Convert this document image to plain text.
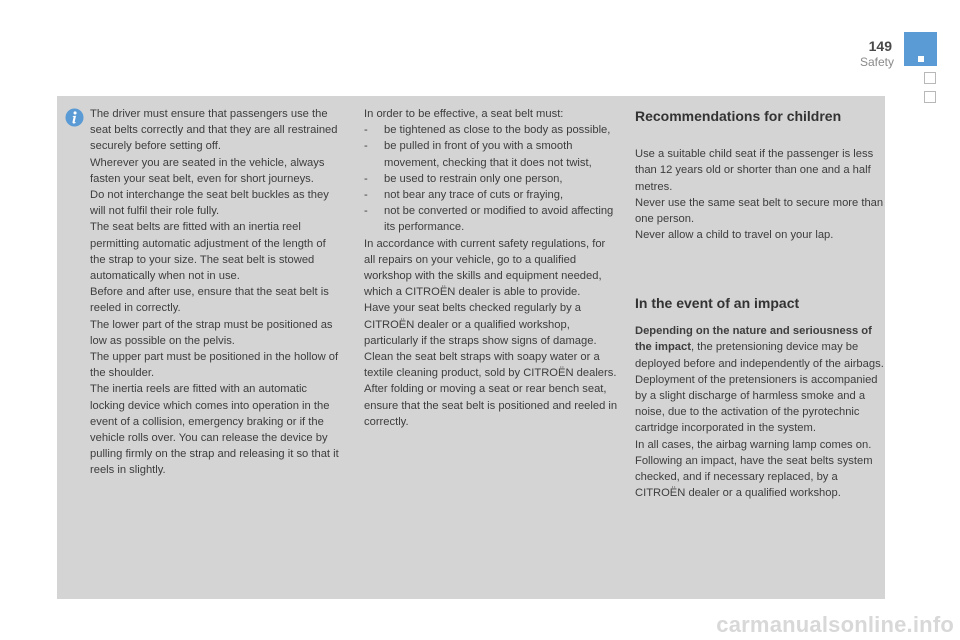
149
Safety

The driver must ensure that passengers use the seat belts correctly and that they are all restrained securely before setting off.

Wherever you are seated in the vehicle, always fasten your seat belt, even for short journeys.

Do not interchange the seat belt buckles as they will not fulfil their role fully.

The seat belts are fitted with an inertia reel permitting automatic adjustment of the length of the strap to your size. The seat belt is stowed automatically when not in use.

Before and after use, ensure that the seat belt is reeled in correctly.

The lower part of the strap must be positioned as low as possible on the pelvis.

The upper part must be positioned in the hollow of the shoulder.

The inertia reels are fitted with an automatic locking device which comes into operation in the event of a collision, emergency braking or if the vehicle rolls over. You can release the device by pulling firmly on the strap and releasing it so that it reels in slightly.

In order to be effective, a seat belt must:

- be tightened as close to the body as possible,
- be pulled in front of you with a smooth movement, checking that it does not twist,
- be used to restrain only one person,
- not bear any trace of cuts or fraying,
- not be converted or modified to avoid affecting its performance.

In accordance with current safety regulations, for all repairs on your vehicle, go to a qualified workshop with the skills and equipment needed, which a CITROËN dealer is able to provide.

Have your seat belts checked regularly by a CITROËN dealer or a qualified workshop, particularly if the straps show signs of damage.

Clean the seat belt straps with soapy water or a textile cleaning product, sold by CITROËN dealers.

After folding or moving a seat or rear bench seat, ensure that the seat belt is positioned and reeled in correctly.

Recommendations for children

Use a suitable child seat if the passenger is less than 12 years old or shorter than one and a half metres.

Never use the same seat belt to secure more than one person.

Never allow a child to travel on your lap.

In the event of an impact

Depending on the nature and seriousness of the impact, the pretensioning device may be deployed before and independently of the airbags. Deployment of the pretensioners is accompanied by a slight discharge of harmless smoke and a noise, due to the activation of the pyrotechnic cartridge incorporated in the system.

In all cases, the airbag warning lamp comes on.

Following an impact, have the seat belts system checked, and if necessary replaced, by a CITROËN dealer or a qualified workshop.

carmanualsonline.info
